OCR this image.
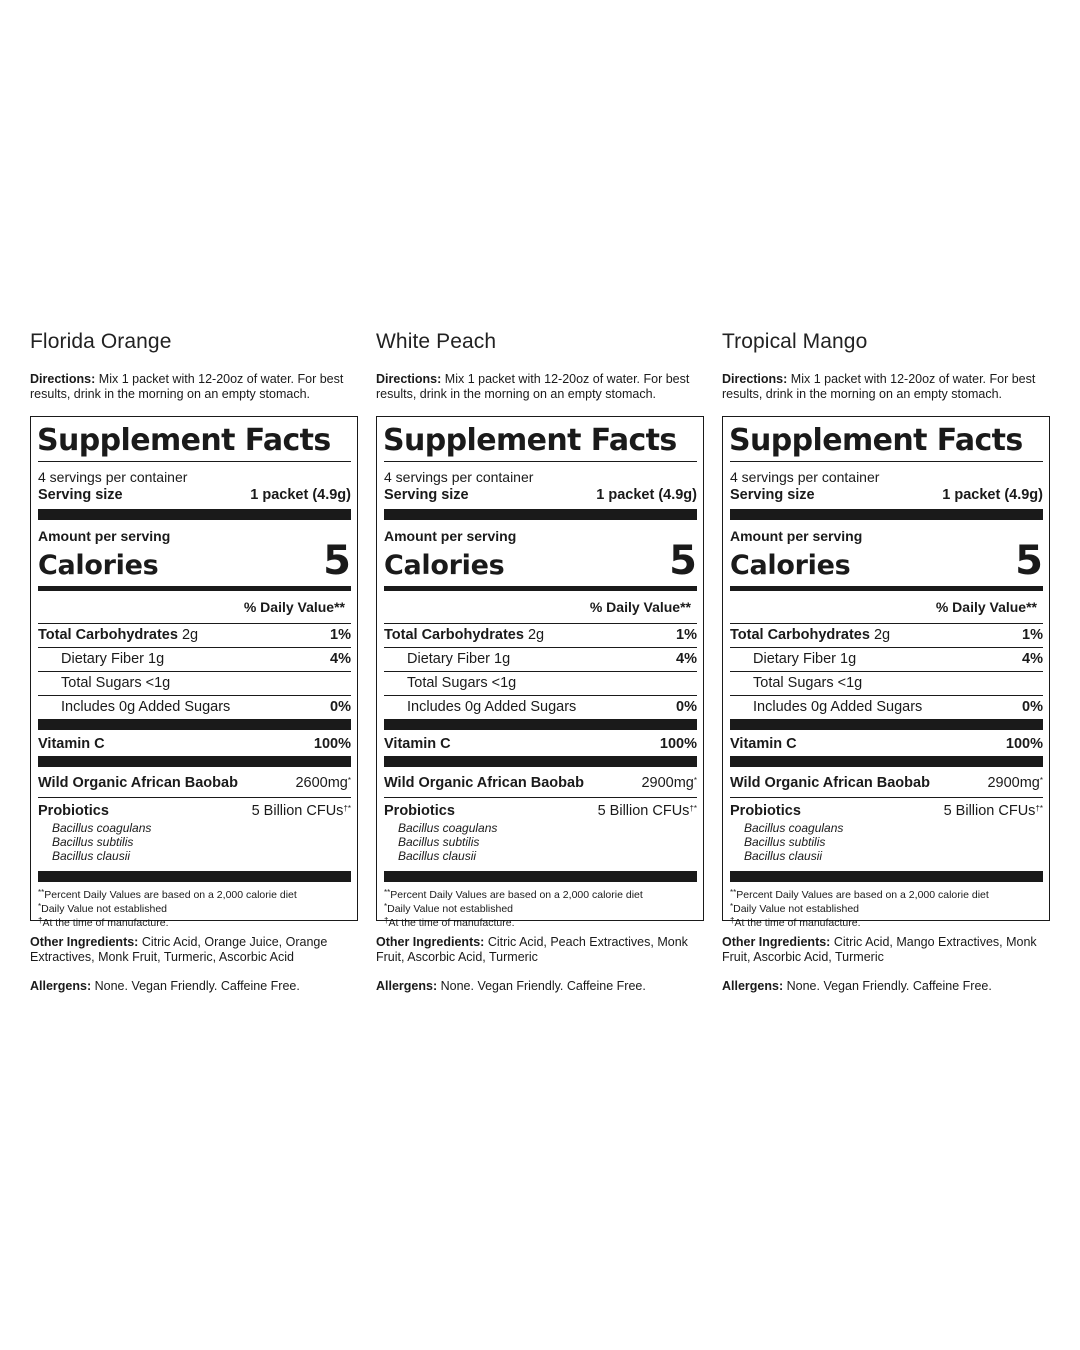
Florida Orange
Directions: Mix 1 packet with 12-20oz of water. For best results, drink in the morning on an empty stomach.
Supplement Facts
4 servings per container
Serving size	1 packet (4.9g)
Amount per serving
Calories	5
% Daily Value**
Total Carbohydrates 2g	1%
Dietary Fiber 1g	4%
Total Sugars <1g
Includes 0g Added Sugars	0%
Vitamin C	100%
Wild Organic African Baobab	2600mg*
Probiotics	5 Billion CFUs†*
Bacillus coagulans
Bacillus subtilis
Bacillus clausii
**Percent Daily Values are based on a 2,000 calorie diet
*Daily Value not established
†At the time of manufacture.
Other Ingredients: Citric Acid, Orange Juice, Orange Extractives, Monk Fruit, Turmeric, Ascorbic Acid
Allergens: None. Vegan Friendly. Caffeine Free.
White Peach
Directions: Mix 1 packet with 12-20oz of water. For best results, drink in the morning on an empty stomach.
Supplement Facts
4 servings per container
Serving size	1 packet (4.9g)
Amount per serving
Calories	5
% Daily Value**
Total Carbohydrates 2g	1%
Dietary Fiber 1g	4%
Total Sugars <1g
Includes 0g Added Sugars	0%
Vitamin C	100%
Wild Organic African Baobab	2900mg*
Probiotics	5 Billion CFUs†*
Bacillus coagulans
Bacillus subtilis
Bacillus clausii
**Percent Daily Values are based on a 2,000 calorie diet
*Daily Value not established
†At the time of manufacture.
Other Ingredients: Citric Acid, Peach Extractives, Monk Fruit, Ascorbic Acid, Turmeric
Allergens: None. Vegan Friendly. Caffeine Free.
Tropical Mango
Directions: Mix 1 packet with 12-20oz of water. For best results, drink in the morning on an empty stomach.
Supplement Facts
4 servings per container
Serving size	1 packet (4.9g)
Amount per serving
Calories	5
% Daily Value**
Total Carbohydrates 2g	1%
Dietary Fiber 1g	4%
Total Sugars <1g
Includes 0g Added Sugars	0%
Vitamin C	100%
Wild Organic African Baobab	2900mg*
Probiotics	5 Billion CFUs†*
Bacillus coagulans
Bacillus subtilis
Bacillus clausii
**Percent Daily Values are based on a 2,000 calorie diet
*Daily Value not established
†At the time of manufacture.
Other Ingredients: Citric Acid, Mango Extractives, Monk Fruit, Ascorbic Acid, Turmeric
Allergens: None. Vegan Friendly. Caffeine Free.
